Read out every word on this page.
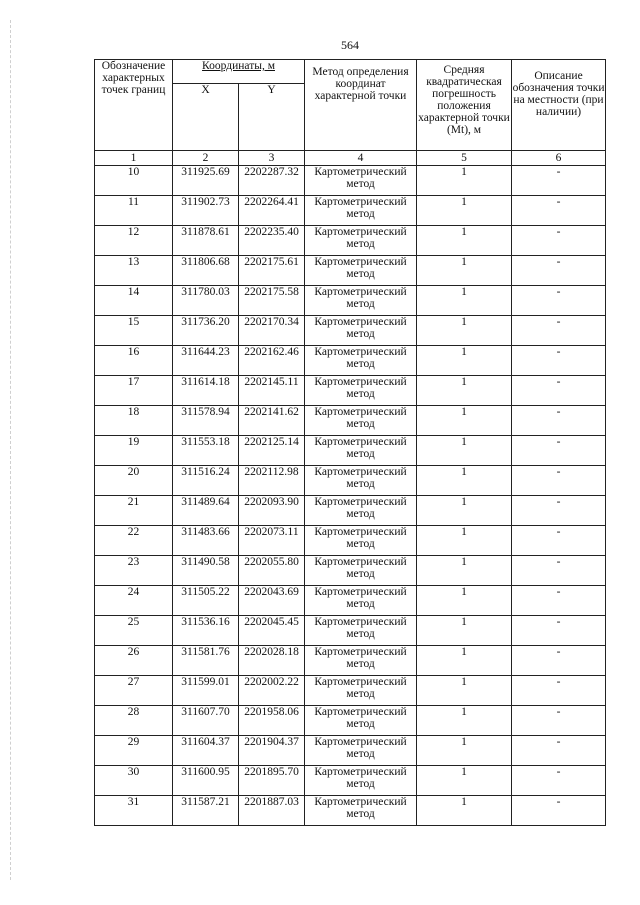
564
Обозначение характерных точек границ	Координаты, м		Метод определения координат характерной точки	Средняя квадратическая погрешность положения характерной точки (Mt), м	Описание обозначения точки на местности (при наличии)
	X	Y			
1	2	3	4	5	6
10	311925.69	2202287.32	Картометрический метод	1	-
11	311902.73	2202264.41	Картометрический метод	1	-
12	311878.61	2202235.40	Картометрический метод	1	-
13	311806.68	2202175.61	Картометрический метод	1	-
14	311780.03	2202175.58	Картометрический метод	1	-
15	311736.20	2202170.34	Картометрический метод	1	-
16	311644.23	2202162.46	Картометрический метод	1	-
17	311614.18	2202145.11	Картометрический метод	1	-
18	311578.94	2202141.62	Картометрический метод	1	-
19	311553.18	2202125.14	Картометрический метод	1	-
20	311516.24	2202112.98	Картометрический метод	1	-
21	311489.64	2202093.90	Картометрический метод	1	-
22	311483.66	2202073.11	Картометрический метод	1	-
23	311490.58	2202055.80	Картометрический метод	1	-
24	311505.22	2202043.69	Картометрический метод	1	-
25	311536.16	2202045.45	Картометрический метод	1	-
26	311581.76	2202028.18	Картометрический метод	1	-
27	311599.01	2202002.22	Картометрический метод	1	-
28	311607.70	2201958.06	Картометрический метод	1	-
29	311604.37	2201904.37	Картометрический метод	1	-
30	311600.95	2201895.70	Картометрический метод	1	-
31	311587.21	2201887.03	Картометрический метод	1	-
